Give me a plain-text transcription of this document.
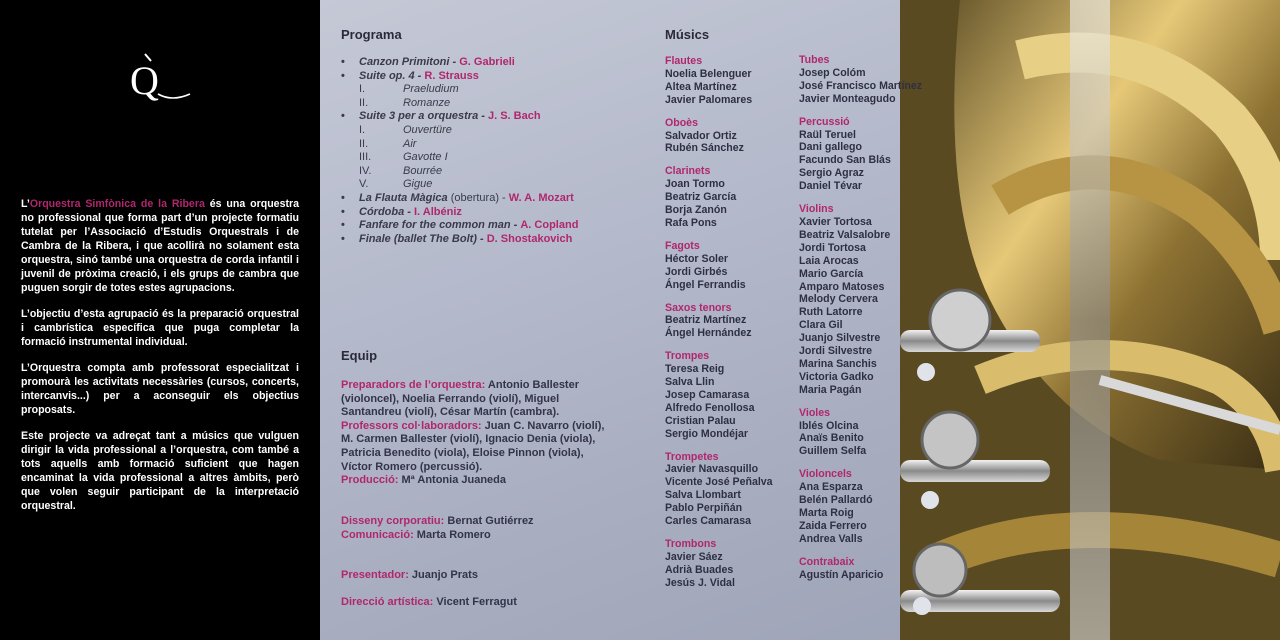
Q

L’Orquestra Simfònica de la Ribera és una orquestra no professional que forma part d’un projecte formatiu tutelat per l’Associació d’Estudis Orquestrals i de Cambra de la Ribera, i que acollirà no solament esta orquestra, sinó també una orquestra de corda infantil i juvenil de pròxima creació, i els grups de cambra que puguen sorgir de totes estes agrupacions.

L’objectiu d’esta agrupació és la preparació orquestral i cambrística específica que puga completar la formació instrumental individual.

L’Orquestra compta amb professorat especialitzat i promourà les activitats necessàries (cursos, concerts, intercanvis...) per a aconseguir els objectius proposats.

Este projecte va adreçat tant a músics que vulguen dirigir la vida professional a l’orquestra, com també a tots aquells amb formació suficient que hagen encaminat la vida professional a altres àmbits, però que volen seguir participant de la interpretació orquestral.

Programa
• Canzon Primitoni - G. Gabrieli
• Suite op. 4 - R. Strauss
I.	Praeludium
II.	Romanze
• Suite 3 per a orquestra - J. S. Bach
I.	Ouvertüre
II.	Air
III.	Gavotte I
IV.	Bourrée
V.	Gigue
• La Flauta Màgica (obertura) - W. A. Mozart
• Córdoba - I. Albéniz
• Fanfare for the common man - A. Copland
• Finale (ballet The Bolt) - D. Shostakovich
Equip
Preparadors de l’orquestra: Antonio Ballester (violoncel), Noelia Ferrando (violí), Miguel Santandreu (violí), César Martín (cambra).
Professors col·laboradors: Juan C. Navarro (violí), M. Carmen Ballester (violí), Ignacio Denia (viola), Patricia Benedito (viola), Eloise Pinnon (viola), Víctor Romero (percussió).
Producció: Mª Antonia Juaneda
Disseny corporatiu: Bernat Gutiérrez
Comunicació: Marta Romero
Presentador: Juanjo Prats
Direcció artística: Vicent Ferragut
Músics
Flautes
Noelia Belenguer
Altea Martínez
Javier Palomares
Oboès
Salvador Ortiz
Rubén Sánchez
Clarinets
Joan Tormo
Beatriz García
Borja Zanón
Rafa Pons
Fagots
Héctor Soler
Jordi Girbés
Ángel Ferrandis
Saxos tenors
Beatriz Martínez
Ángel Hernández
Trompes
Teresa Reig
Salva Llin
Josep Camarasa
Alfredo Fenollosa
Cristian Palau
Sergio Mondéjar
Trompetes
Javier Navasquillo
Vicente José Peñalva
Salva Llombart
Pablo Perpiñán
Carles Camarasa
Trombons
Javier Sáez
Adrià Buades
Jesús J. Vidal
Tubes
Josep Colóm
José Francisco Martínez
Javier Monteagudo
Percussió
Raül Teruel
Dani gallego
Facundo San Blás
Sergio Agraz
Daniel Tévar
Violins
Xavier Tortosa
Beatriz Valsalobre
Jordi Tortosa
Laia Arocas
Mario García
Amparo Matoses
Melody Cervera
Ruth Latorre
Clara Gil
Juanjo Silvestre
Jordi Silvestre
Marina Sanchis
Victoria Gadko
Maria Pagán
Violes
Iblés Olcina
Anaïs Benito
Guillem Selfa
Violoncels
Ana Esparza
Belén Pallardó
Marta Roig
Zaida Ferrero
Andrea Valls
Contrabaix
Agustín Aparicio
